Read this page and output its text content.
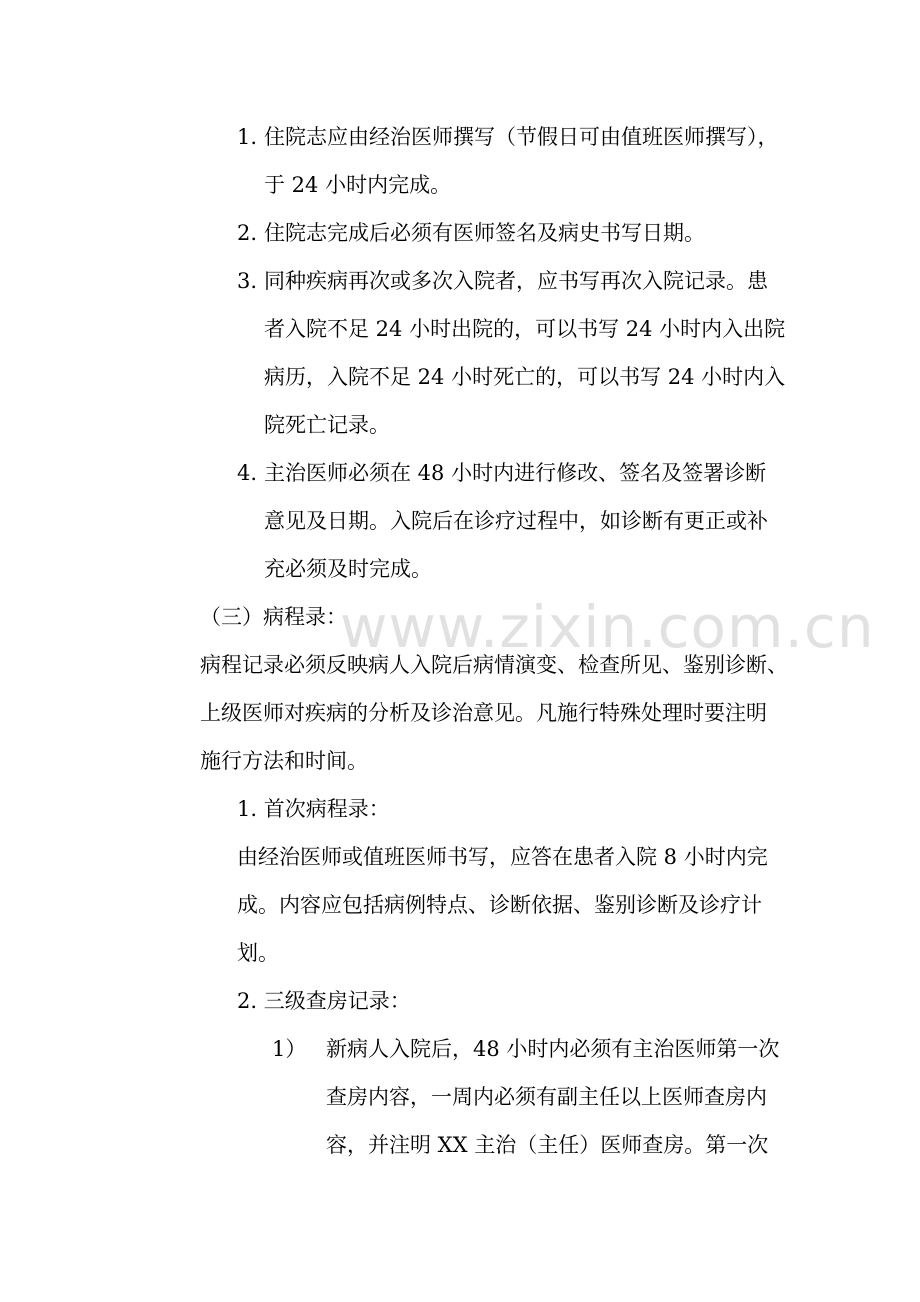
www.zixin.com.cn
1. 住院志应由经治医师撰写（节假日可由值班医师撰写），
于 24 小时内完成。
2. 住院志完成后必须有医师签名及病史书写日期。
3. 同种疾病再次或多次入院者，应书写再次入院记录。患
者入院不足 24 小时出院的，可以书写 24 小时内入出院
病历，入院不足 24 小时死亡的，可以书写 24 小时内入
院死亡记录。
4. 主治医师必须在 48 小时内进行修改、签名及签署诊断
意见及日期。入院后在诊疗过程中，如诊断有更正或补
充必须及时完成。
（三）病程录：
病程记录必须反映病人入院后病情演变、检查所见、鉴别诊断、
上级医师对疾病的分析及诊治意见。凡施行特殊处理时要注明
施行方法和时间。
1. 首次病程录：
由经治医师或值班医师书写，应答在患者入院 8 小时内完
成。内容应包括病例特点、诊断依据、鉴别诊断及诊疗计
划。
2. 三级查房记录：
1） 新病人入院后，48 小时内必须有主治医师第一次
查房内容，一周内必须有副主任以上医师查房内
容，并注明 XX 主治（主任）医师查房。第一次
